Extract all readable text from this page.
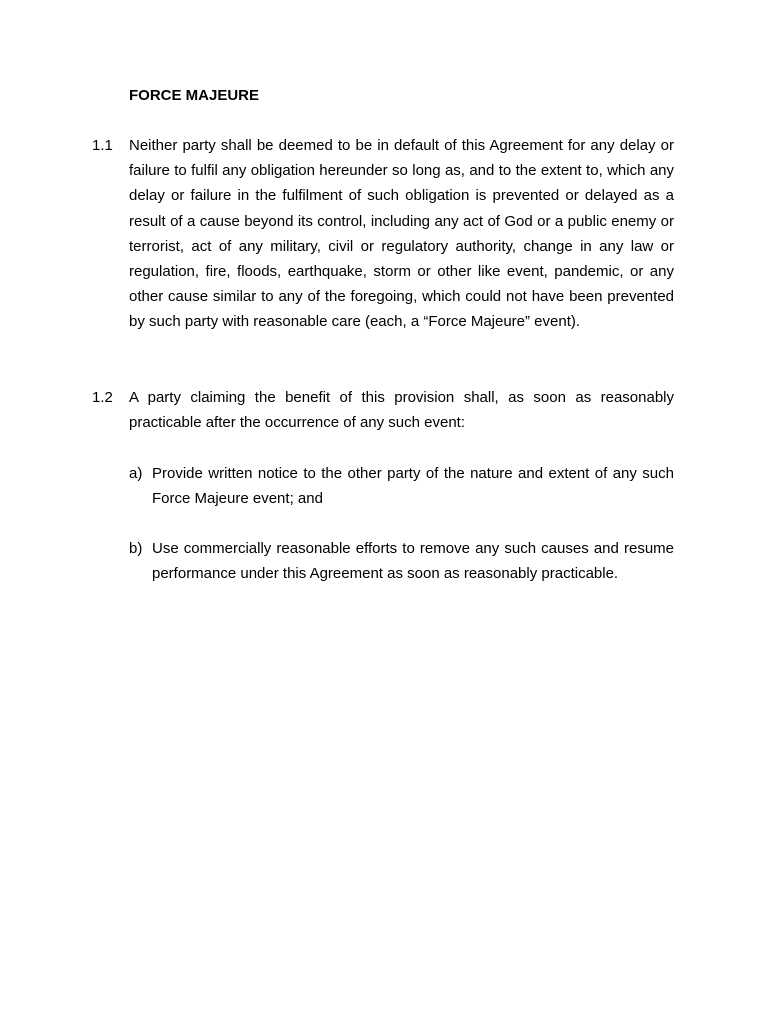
FORCE MAJEURE
1.1 Neither party shall be deemed to be in default of this Agreement for any delay or failure to fulfil any obligation hereunder so long as, and to the extent to, which any delay or failure in the fulfilment of such obligation is prevented or delayed as a result of a cause beyond its control, including any act of God or a public enemy or terrorist, act of any military, civil or regulatory authority, change in any law or regulation, fire, floods, earthquake, storm or other like event, pandemic, or any other cause similar to any of the foregoing, which could not have been prevented by such party with reasonable care (each, a “Force Majeure” event).
1.2 A party claiming the benefit of this provision shall, as soon as reasonably practicable after the occurrence of any such event:
a) Provide written notice to the other party of the nature and extent of any such Force Majeure event; and
b) Use commercially reasonable efforts to remove any such causes and resume performance under this Agreement as soon as reasonably practicable.
